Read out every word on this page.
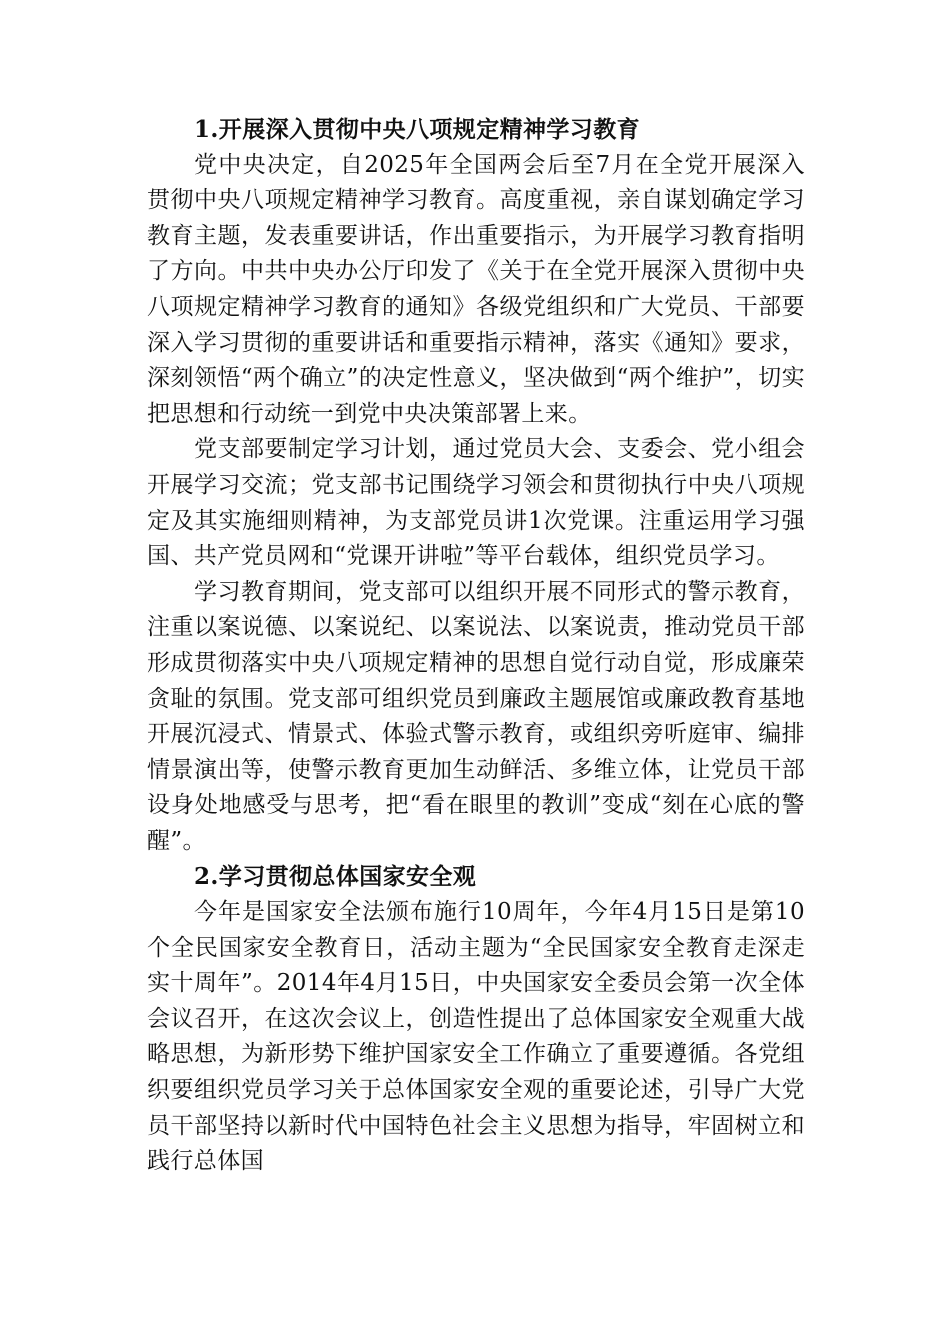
1.开展深入贯彻中央八项规定精神学习教育

党中央决定，自2025年全国两会后至7月在全党开展深入贯彻中央八项规定精神学习教育。高度重视，亲自谋划确定学习教育主题，发表重要讲话，作出重要指示，为开展学习教育指明了方向。中共中央办公厅印发了《关于在全党开展深入贯彻中央八项规定精神学习教育的通知》各级党组织和广大党员、干部要深入学习贯彻的重要讲话和重要指示精神，落实《通知》要求，深刻领悟“两个确立”的决定性意义，坚决做到“两个维护”，切实把思想和行动统一到党中央决策部署上来。

党支部要制定学习计划，通过党员大会、支委会、党小组会开展学习交流；党支部书记围绕学习领会和贯彻执行中央八项规定及其实施细则精神，为支部党员讲1次党课。注重运用学习强国、共产党员网和“党课开讲啦”等平台载体，组织党员学习。

学习教育期间，党支部可以组织开展不同形式的警示教育，注重以案说德、以案说纪、以案说法、以案说责，推动党员干部形成贯彻落实中央八项规定精神的思想自觉行动自觉，形成廉荣贪耻的氛围。党支部可组织党员到廉政主题展馆或廉政教育基地开展沉浸式、情景式、体验式警示教育，或组织旁听庭审、编排情景演出等，使警示教育更加生动鲜活、多维立体，让党员干部设身处地感受与思考，把“看在眼里的教训”变成“刻在心底的警醒”。

2.学习贯彻总体国家安全观

今年是国家安全法颁布施行10周年，今年4月15日是第10个全民国家安全教育日，活动主题为“全民国家安全教育走深走实十周年”。2014年4月15日，中央国家安全委员会第一次全体会议召开，在这次会议上，创造性提出了总体国家安全观重大战略思想，为新形势下维护国家安全工作确立了重要遵循。各党组织要组织党员学习关于总体国家安全观的重要论述，引导广大党员干部坚持以新时代中国特色社会主义思想为指导，牢固树立和践行总体国
